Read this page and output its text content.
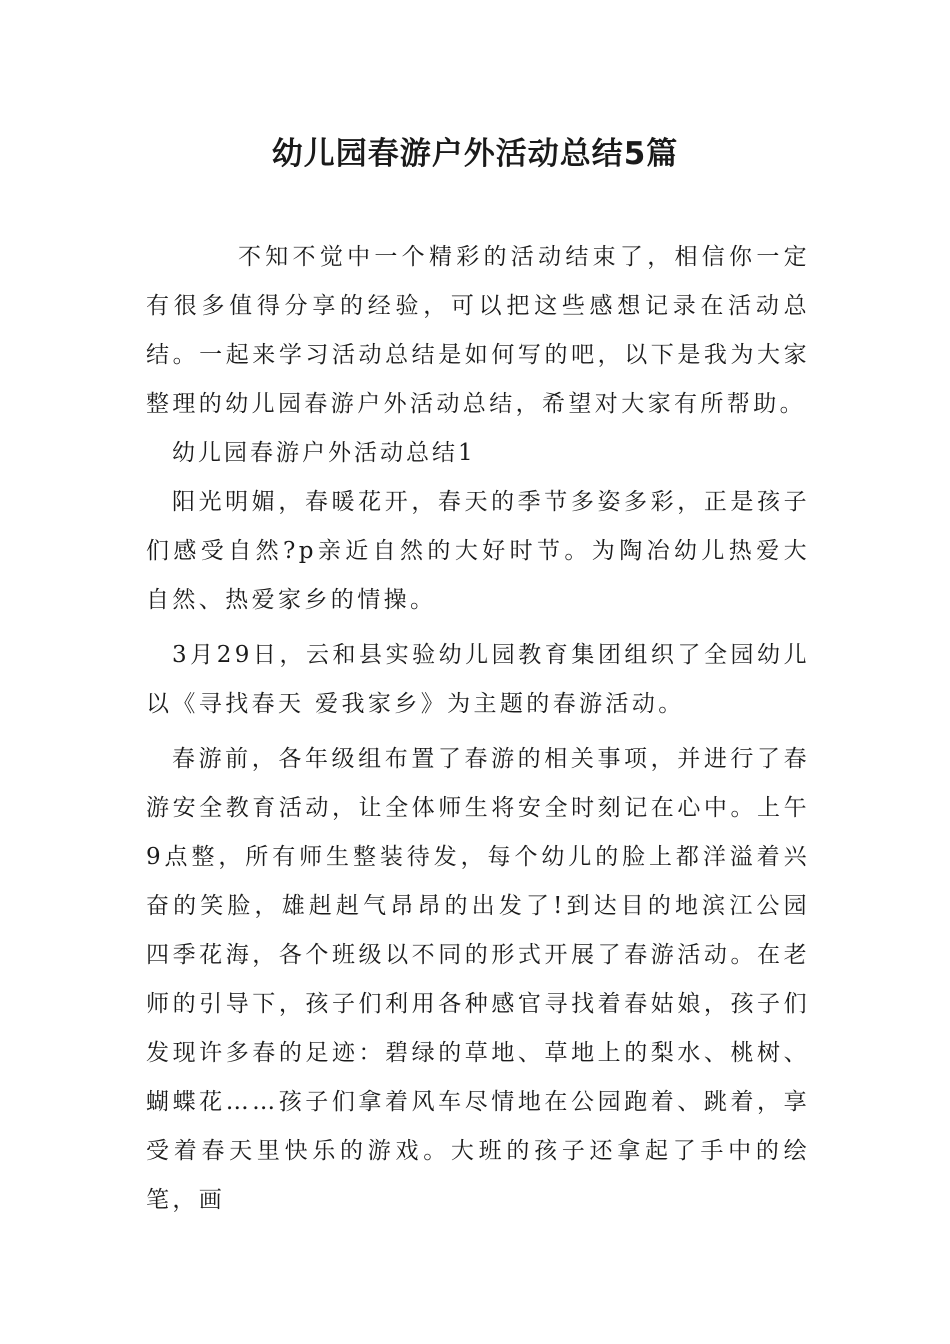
幼儿园春游户外活动总结5篇

不知不觉中一个精彩的活动结束了，相信你一定有很多值得分享的经验，可以把这些感想记录在活动总结。一起来学习活动总结是如何写的吧，以下是我为大家整理的幼儿园春游户外活动总结，希望对大家有所帮助。

幼儿园春游户外活动总结1

阳光明媚，春暖花开，春天的季节多姿多彩，正是孩子们感受自然?p亲近自然的大好时节。为陶冶幼儿热爱大自然、热爱家乡的情操。

3月29日，云和县实验幼儿园教育集团组织了全园幼儿以《寻找春天 爱我家乡》为主题的春游活动。

春游前，各年级组布置了春游的相关事项，并进行了春游安全教育活动，让全体师生将安全时刻记在心中。上午9点整，所有师生整装待发，每个幼儿的脸上都洋溢着兴奋的笑脸，雄赳赳气昂昂的出发了!到达目的地滨江公园四季花海，各个班级以不同的形式开展了春游活动。在老师的引导下，孩子们利用各种感官寻找着春姑娘，孩子们发现许多春的足迹：碧绿的草地、草地上的梨水、桃树、蝴蝶花……孩子们拿着风车尽情地在公园跑着、跳着，享受着春天里快乐的游戏。大班的孩子还拿起了手中的绘笔，画
